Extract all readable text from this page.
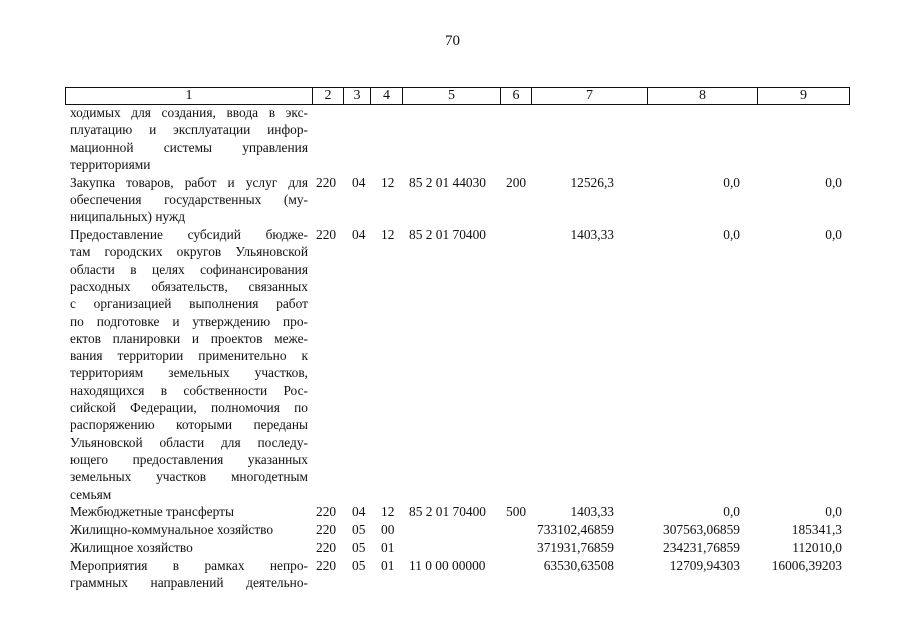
70
1	2	3	4	5	6	7	8	9
ходимых для создания, ввода в экс-
плуатацию и эксплуатации инфор-
мационной системы управления
территориями
Закупка товаров, работ и услуг для
обеспечения государственных (му-
ниципальных) нужд
220 04 12 85 2 01 44030 200	12526,3	0,0	0,0
Предоставление субсидий бюдже-
там городских округов Ульяновской
области в целях софинансирования
расходных обязательств, связанных
с организацией выполнения работ
по подготовке и утверждению про-
ектов планировки и проектов меже-
вания территории применительно к
территориям земельных участков,
находящихся в собственности Рос-
сийской Федерации, полномочия по
распоряжению которыми переданы
Ульяновской области для последу-
ющего предоставления указанных
земельных участков многодетным
семьям
220 04 12 85 2 01 70400	1403,33	0,0	0,0
Межбюджетные трансферты	220 04 12 85 2 01 70400 500	1403,33	0,0	0,0
Жилищно-коммунальное хозяйство	220 05 00	733102,46859	307563,06859	185341,3
Жилищное хозяйство	220 05 01	371931,76859	234231,76859	112010,0
Мероприятия в рамках непро-
граммных направлений деятельно-
220 05 01 11 0 00 00000	63530,63508	12709,94303	16006,39203
